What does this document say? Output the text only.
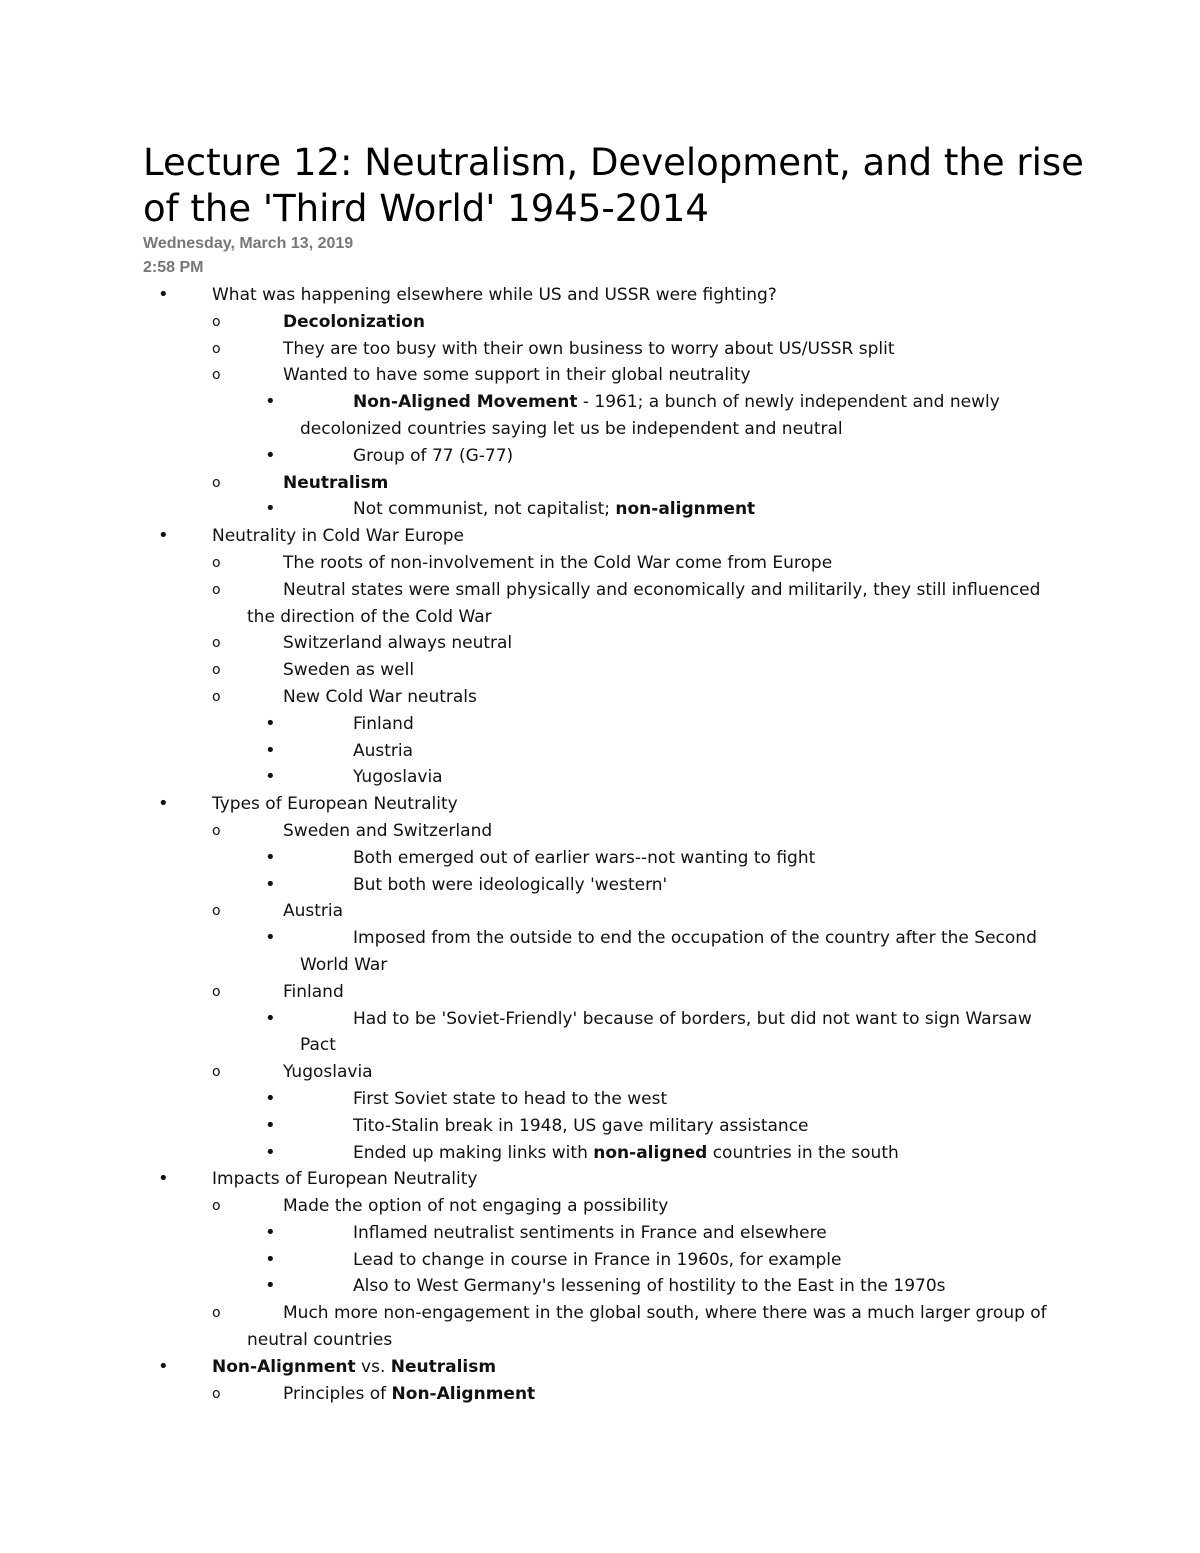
Lecture 12: Neutralism, Development, and the rise of the 'Third World' 1945-2014
Wednesday, March 13, 2019
2:58 PM
•	What was happening elsewhere while US and USSR were fighting?
o	Decolonization
o	They are too busy with their own business to worry about US/USSR split
o	Wanted to have some support in their global neutrality
•	Non-Aligned Movement - 1961; a bunch of newly independent and newly decolonized countries saying let us be independent and neutral
•	Group of 77 (G-77)
o	Neutralism
•	Not communist, not capitalist; non-alignment
•	Neutrality in Cold War Europe
o	The roots of non-involvement in the Cold War come from Europe
o	Neutral states were small physically and economically and militarily, they still influenced the direction of the Cold War
o	Switzerland always neutral
o	Sweden as well
o	New Cold War neutrals
•	Finland
•	Austria
•	Yugoslavia
•	Types of European Neutrality
o	Sweden and Switzerland
•	Both emerged out of earlier wars--not wanting to fight
•	But both were ideologically 'western'
o	Austria
•	Imposed from the outside to end the occupation of the country after the Second World War
o	Finland
•	Had to be 'Soviet-Friendly' because of borders, but did not want to sign Warsaw Pact
o	Yugoslavia
•	First Soviet state to head to the west
•	Tito-Stalin break in 1948, US gave military assistance
•	Ended up making links with non-aligned countries in the south
•	Impacts of European Neutrality
o	Made the option of not engaging a possibility
•	Inflamed neutralist sentiments in France and elsewhere
•	Lead to change in course in France in 1960s, for example
•	Also to West Germany's lessening of hostility to the East in the 1970s
o	Much more non-engagement in the global south, where there was a much larger group of neutral countries
•	Non-Alignment vs. Neutralism
o	Principles of Non-Alignment
